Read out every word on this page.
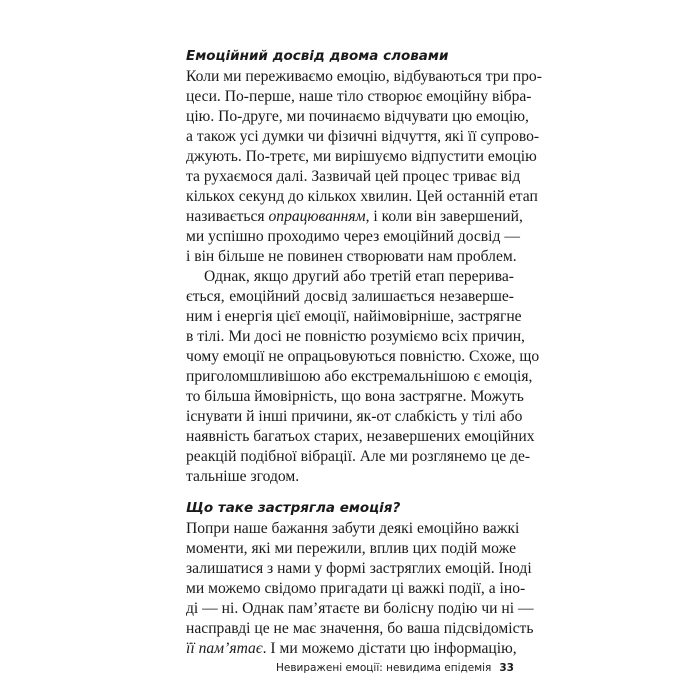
Емоційний досвід двома словами

Коли ми переживаємо емоцію, відбуваються три про-

цеси. По-перше, наше тіло створює емоційну вібра-

цію. По-друге, ми починаємо відчувати цю емоцію,

а також усі думки чи фізичні відчуття, які її супрово-

джують. По-третє, ми вирішуємо відпустити емоцію

та рухаємося далі. Зазвичай цей процес триває від

кількох секунд до кількох хвилин. Цей останній етап

називається опрацюванням, і коли він завершений,

ми успішно проходимо через емоційний досвід —

і він більше не повинен створювати нам проблем.

Однак, якщо другий або третій етап перерива-

ється, емоційний досвід залишається незаверше-

ним і енергія цієї емоції, найімовірніше, застрягне

в тілі. Ми досі не повністю розуміємо всіх причин,

чому емоції не опрацьовуються повністю. Схоже, що

приголомшливішою або екстремальнішою є емоція,

то більша ймовірність, що вона застрягне. Можуть

існувати й інші причини, як-от слабкість у тілі або

наявність багатьох старих, незавершених емоційних

реакцій подібної вібрації. Але ми розглянемо це де-

тальніше згодом.

Що таке застрягла емоція?

Попри наше бажання забути деякі емоційно важкі

моменти, які ми пережили, вплив цих подій може

залишатися з нами у формі застряглих емоцій. Іноді

ми можемо свідомо пригадати ці важкі події, а іно-

ді — ні. Однак пам’ятаєте ви болісну подію чи ні —

насправді це не має значення, бо ваша підсвідомість

її пам’ятає. І ми можемо дістати цю інформацію,

Невиражені емоції: невидима епідемія 33
